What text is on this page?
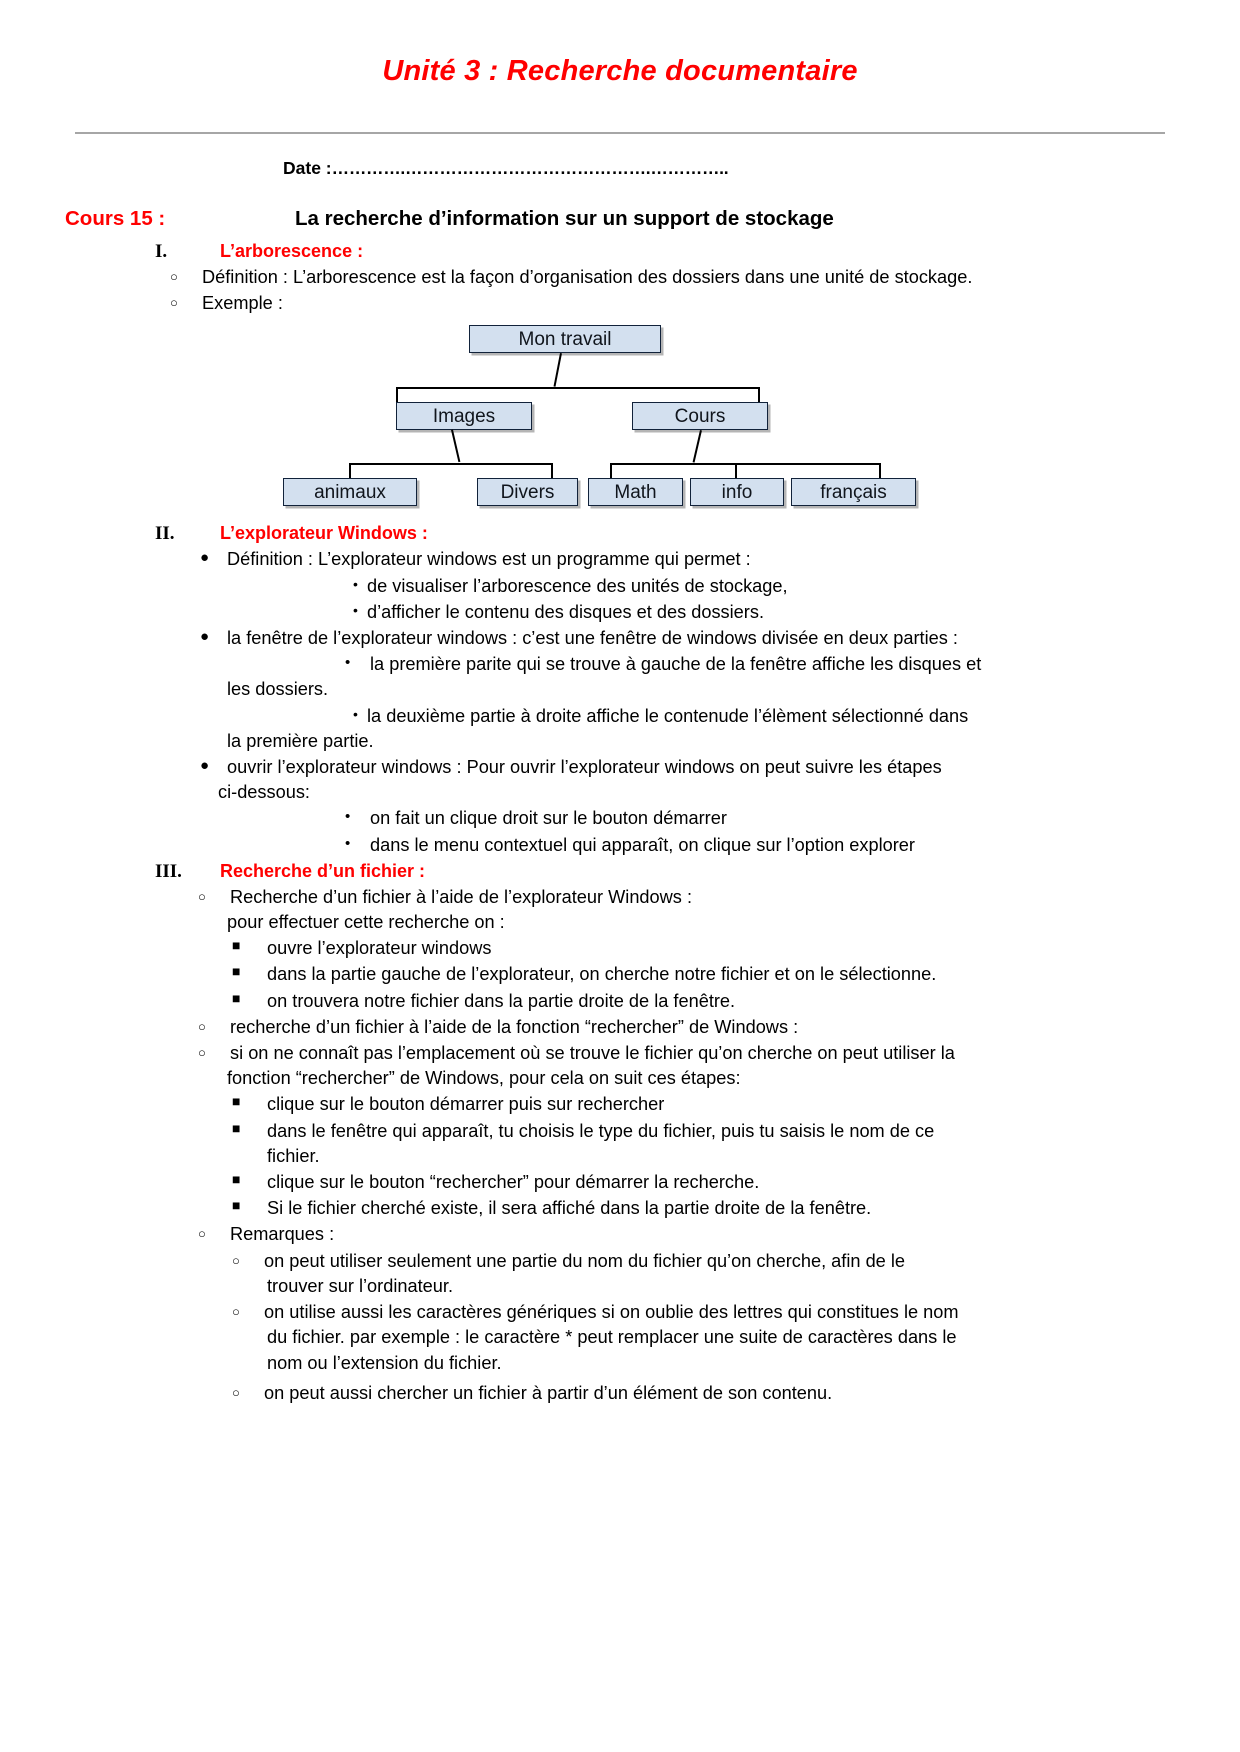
Unité 3 : Recherche documentaire
Date :………….…………………………………….…………..
Cours 15 :	La recherche d’information sur un support de stockage
I.	L’arborescence :
○	Définition : L’arborescence est la façon d’organisation des dossiers dans une unité de stockage.
○	Exemple :
Mon travail
Images	Cours
animaux	Divers	Math	info	français
II.	L’explorateur Windows :
● Définition : L’explorateur windows est un programme qui permet :
• de visualiser l’arborescence des unités de stockage,
• d’afficher le contenu des disques et des dossiers.
● la fenêtre de l’explorateur windows : c’est une fenêtre de windows divisée en deux parties :
•	la première parite qui se trouve à gauche de la fenêtre affiche les disques et
les dossiers.
• la deuxième partie à droite affiche le contenude l’élèment sélectionné dans
la première partie.
● ouvrir l’explorateur windows : Pour ouvrir l’explorateur windows on peut suivre les étapes
ci-dessous:
•	on fait un clique droit sur le bouton démarrer
•	dans le menu contextuel qui apparaît, on clique sur l’option explorer
III.	Recherche d’un fichier :
○	Recherche d’un fichier à l’aide de l’explorateur Windows :
pour effectuer cette recherche on :
■	ouvre l’explorateur windows
■	dans la partie gauche de l’explorateur, on cherche notre fichier et on le sélectionne.
■	on trouvera notre fichier dans la partie droite de la fenêtre.
○	recherche d’un fichier à l’aide de la fonction “rechercher” de Windows :
○	si on ne connaît pas l’emplacement où se trouve le fichier qu’on cherche on peut utiliser la
fonction “rechercher” de Windows, pour cela on suit ces étapes:
■	clique sur le bouton démarrer puis sur rechercher
■	dans le fenêtre qui apparaît, tu choisis le type du fichier, puis tu saisis le nom de ce
fichier.
■	clique sur le bouton “rechercher” pour démarrer la recherche.
■	Si le fichier cherché existe, il sera affiché dans la partie droite de la fenêtre.
○	Remarques :
○	on peut utiliser seulement une partie du nom du fichier qu’on cherche, afin de le
trouver sur l’ordinateur.
○	on utilise aussi les caractères génériques si on oublie des lettres qui constitues le nom
du fichier. par exemple : le caractère * peut remplacer une suite de caractères dans le
nom ou l’extension du fichier.
○	on peut aussi chercher un fichier à partir d’un élément de son contenu.
